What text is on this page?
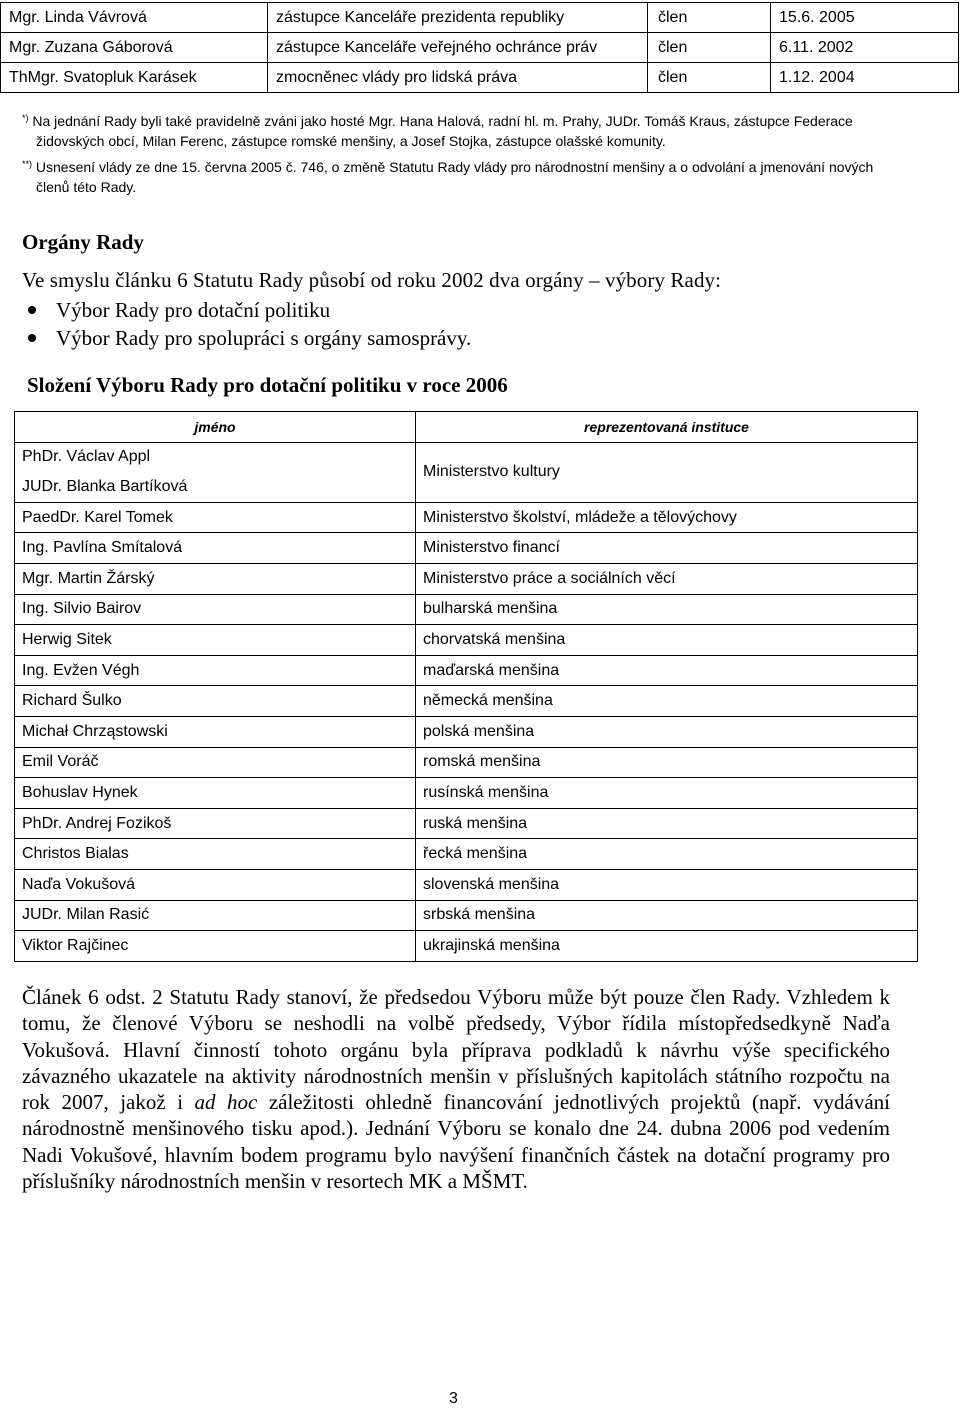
Mgr. Linda Vávrová	zástupce Kanceláře prezidenta republiky	člen	15.6. 2005
Mgr. Zuzana Gáborová	zástupce Kanceláře veřejného ochránce práv	člen	6.11. 2002
ThMgr. Svatopluk Karásek	zmocněnec vlády pro lidská práva	člen	1.12. 2004
*) Na jednání Rady byli také pravidelně zváni jako hosté Mgr. Hana Halová, radní hl. m. Prahy, JUDr. Tomáš Kraus, zástupce Federace
židovských obcí, Milan Ferenc, zástupce romské menšiny, a Josef Stojka, zástupce olašské komunity.
**) Usnesení vlády ze dne 15. června 2005 č. 746, o změně Statutu Rady vlády pro národnostní menšiny a o odvolání a jmenování nových
členů této Rady.
Orgány Rady

Ve smyslu článku 6 Statutu Rady působí od roku 2002 dva orgány – výbory Rady:

Výbor Rady pro dotační politiku
Výbor Rady pro spolupráci s orgány samosprávy.
Složení Výboru Rady pro dotační politiku v roce 2006
jméno	reprezentovaná instituce
PhDr. Václav Appl	Ministerstvo kultury
JUDr. Blanka Bartíková	
PaedDr. Karel Tomek	Ministerstvo školství, mládeže a tělovýchovy
Ing. Pavlína Smítalová	Ministerstvo financí
Mgr. Martin Žárský	Ministerstvo práce a sociálních věcí
Ing. Silvio Bairov	bulharská menšina
Herwig Sitek	chorvatská menšina
Ing. Evžen Végh	maďarská menšina
Richard Šulko	německá menšina
Michał Chrząstowski	polská menšina
Emil Voráč	romská menšina
Bohuslav Hynek	rusínská menšina
PhDr. Andrej Fozikoš	ruská menšina
Christos Bialas	řecká menšina
Naďa Vokušová	slovenská menšina
JUDr. Milan Rasić	srbská menšina
Viktor Rajčinec	ukrajinská menšina

Článek 6 odst. 2 Statutu Rady stanoví, že předsedou Výboru může být pouze člen Rady. Vzhledem k tomu, že členové Výboru se neshodli na volbě předsedy, Výbor řídila místopředsedkyně Naďa Vokušová. Hlavní činností tohoto orgánu byla příprava podkladů k návrhu výše specifického závazného ukazatele na aktivity národnostních menšin v příslušných kapitolách státního rozpočtu na rok 2007, jakož i ad hoc záležitosti ohledně financování jednotlivých projektů (např. vydávání národnostně menšinového tisku apod.). Jednání Výboru se konalo dne 24. dubna 2006 pod vedením Nadi Vokušové, hlavním bodem programu bylo navýšení finančních částek na dotační programy pro příslušníky národnostních menšin v resortech MK a MŠMT.

3
